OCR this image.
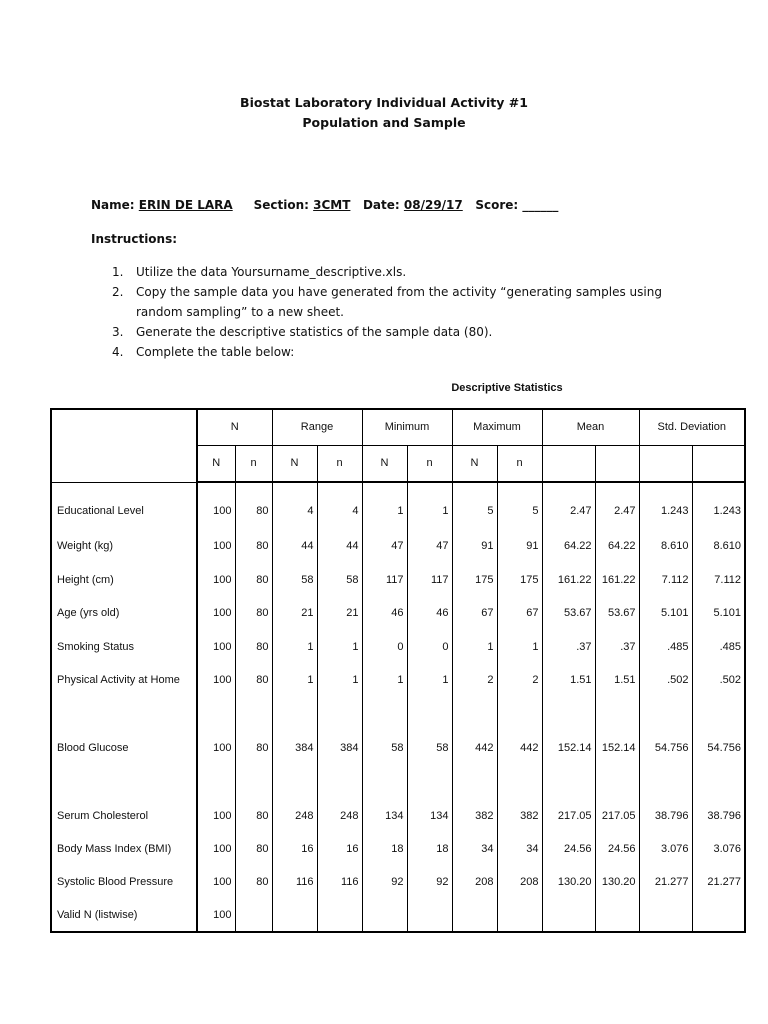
Biostat Laboratory Individual Activity #1
Population and Sample
Name: ERIN DE LARA Section: 3CMT Date: 08/29/17 Score: ______
Instructions:
1.	Utilize the data Yoursurname_descriptive.xls.
2.	Copy the sample data you have generated from the activity “generating samples using random sampling” to a new sheet.
3.	Generate the descriptive statistics of the sample data (80).
4.	Complete the table below:
Descriptive Statistics
	N		Range		Minimum		Maximum		Mean		Std. Deviation	
	N	n	N	n	N	n	N	n				
Educational Level	100	80	4	4	1	1	5	5	2.47	2.47	1.243	1.243
Weight (kg)	100	80	44	44	47	47	91	91	64.22	64.22	8.610	8.610
Height (cm)	100	80	58	58	117	117	175	175	161.22	161.22	7.112	7.112
Age (yrs old)	100	80	21	21	46	46	67	67	53.67	53.67	5.101	5.101
Smoking Status	100	80	1	1	0	0	1	1	.37	.37	.485	.485
Physical Activity at Home	100	80	1	1	1	1	2	2	1.51	1.51	.502	.502
Blood Glucose	100	80	384	384	58	58	442	442	152.14	152.14	54.756	54.756
Serum Cholesterol	100	80	248	248	134	134	382	382	217.05	217.05	38.796	38.796
Body Mass Index (BMI)	100	80	16	16	18	18	34	34	24.56	24.56	3.076	3.076
Systolic Blood Pressure	100	80	116	116	92	92	208	208	130.20	130.20	21.277	21.277
Valid N (listwise)	100											
